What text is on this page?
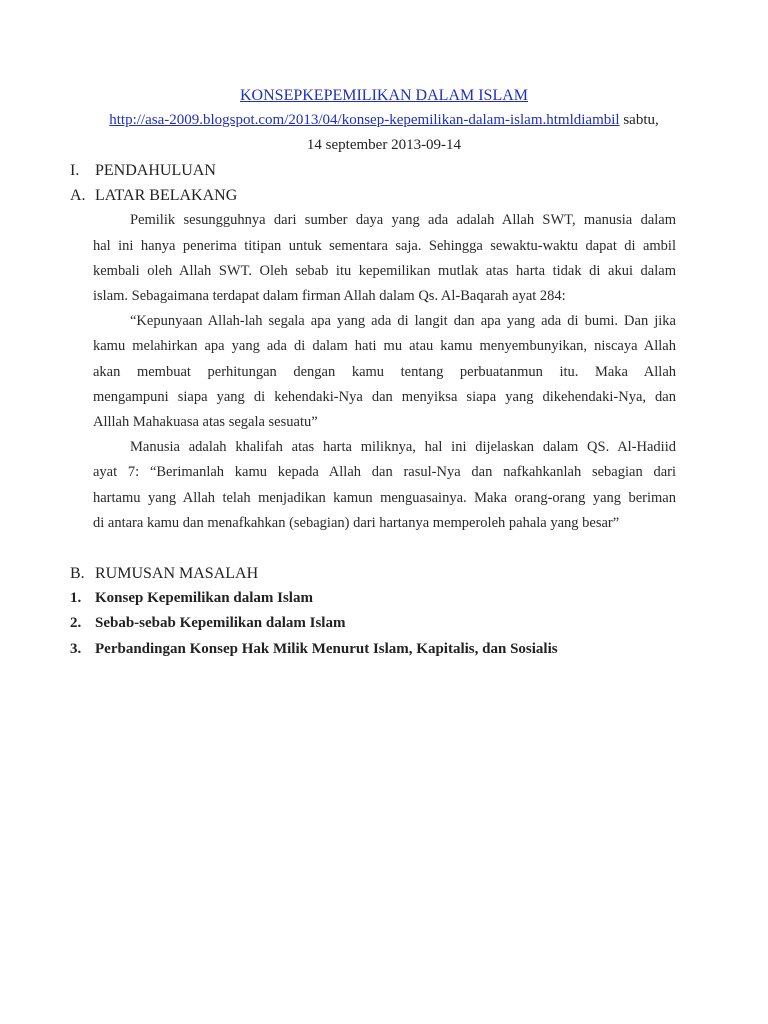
KONSEPKEPEMILIKAN DALAM ISLAM
http://asa-2009.blogspot.com/2013/04/konsep-kepemilikan-dalam-islam.htmldiambil sabtu,
14 september 2013-09-14
I. PENDAHULUAN
A. LATAR BELAKANG
Pemilik sesungguhnya dari sumber daya yang ada adalah Allah SWT, manusia dalam
hal ini hanya penerima titipan untuk sementara saja. Sehingga sewaktu-waktu dapat di ambil
kembali oleh Allah SWT. Oleh sebab itu kepemilikan mutlak atas harta tidak di akui dalam
islam. Sebagaimana terdapat dalam firman Allah dalam Qs. Al-Baqarah ayat 284:
“Kepunyaan Allah-lah segala apa yang ada di langit dan apa yang ada di bumi. Dan jika
kamu melahirkan apa yang ada di dalam hati mu atau kamu menyembunyikan, niscaya Allah
akan membuat perhitungan dengan kamu tentang perbuatanmun itu. Maka Allah
mengampuni siapa yang di kehendaki-Nya dan menyiksa siapa yang dikehendaki-Nya, dan
Alllah Mahakuasa atas segala sesuatu”
Manusia adalah khalifah atas harta miliknya, hal ini dijelaskan dalam QS. Al-Hadiid
ayat 7: “Berimanlah kamu kepada Allah dan rasul-Nya dan nafkahkanlah sebagian dari
hartamu yang Allah telah menjadikan kamun menguasainya. Maka orang-orang yang beriman
di antara kamu dan menafkahkan (sebagian) dari hartanya memperoleh pahala yang besar”
B. RUMUSAN MASALAH
1. Konsep Kepemilikan dalam Islam
2. Sebab-sebab Kepemilikan dalam Islam
3. Perbandingan Konsep Hak Milik Menurut Islam, Kapitalis, dan Sosialis
